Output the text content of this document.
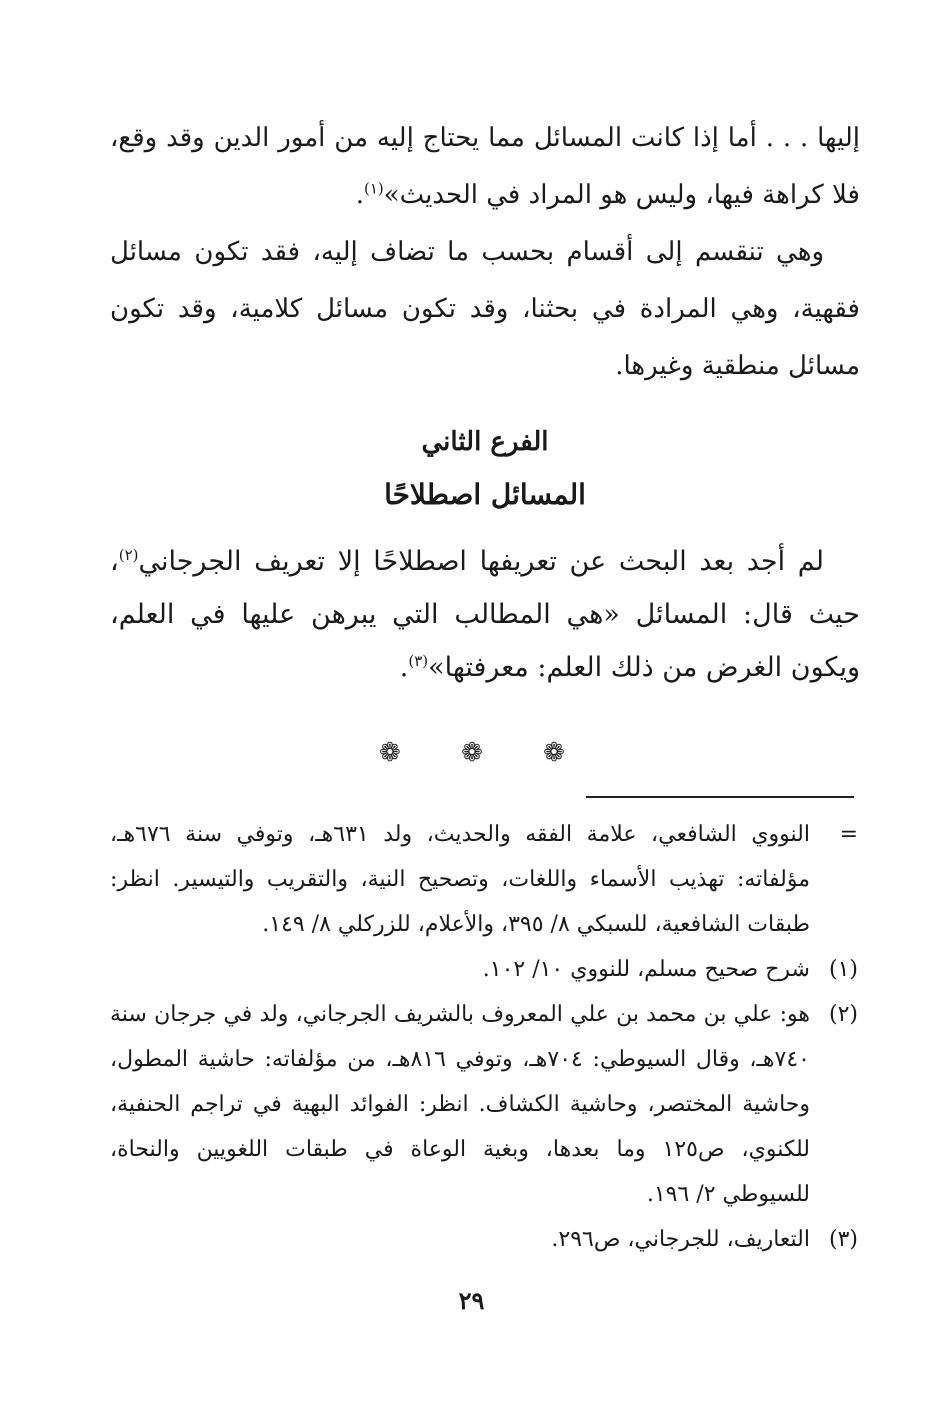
إليها . . . أما إذا كانت المسائل مما يحتاج إليه من أمور الدين وقد وقع، فلا كراهة فيها، وليس هو المراد في الحديث»$^{(١)}$.

وهي تنقسم إلى أقسام بحسب ما تضاف إليه، فقد تكون مسائل فقهية، وهي المرادة في بحثنا، وقد تكون مسائل كلامية، وقد تكون مسائل منطقية وغيرها.

الفرع الثاني

المسائل اصطلاحًا

لم أجد بعد البحث عن تعريفها اصطلاحًا إلا تعريف الجرجاني$^{(٢)}$، حيث قال: المسائل «هي المطالب التي يبرهن عليها في العلم، ويكون الغرض من ذلك العلم: معرفتها»$^{(٣)}$.

❁ ❁ ❁
=
النووي الشافعي، علامة الفقه والحديث، ولد ٦٣١هـ، وتوفي سنة ٦٧٦هـ، مؤلفاته: تهذيب الأسماء واللغات، وتصحيح النية، والتقريب والتيسير. انظر: طبقات الشافعية، للسبكي ٨/ ٣٩٥، والأعلام، للزركلي ٨/ ١٤٩.
(١)
شرح صحيح مسلم، للنووي ١٠/ ١٠٢.
(٢)
هو: علي بن محمد بن علي المعروف بالشريف الجرجاني، ولد في جرجان سنة ٧٤٠هـ، وقال السيوطي: ٧٠٤هـ، وتوفي ٨١٦هـ، من مؤلفاته: حاشية المطول، وحاشية المختصر، وحاشية الكشاف. انظر: الفوائد البهية في تراجم الحنفية، للكنوي، ص١٢٥ وما بعدها، وبغية الوعاة في طبقات اللغويين والنحاة، للسيوطي ٢/ ١٩٦.
(٣)
التعاريف، للجرجاني، ص٢٩٦.
٢٩
